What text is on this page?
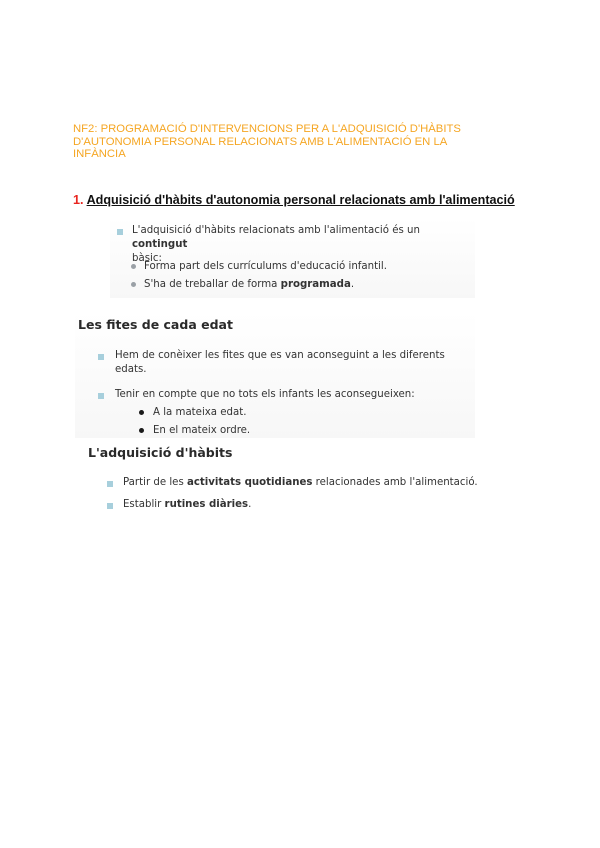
NF2: PROGRAMACIÓ D'INTERVENCIONS PER A L'ADQUISICIÓ D'HÀBITS
D'AUTONOMIA PERSONAL RELACIONATS AMB L'ALIMENTACIÓ EN LA
INFÀNCIA
1. Adquisició d'hàbits d'autonomia personal relacionats amb l'alimentació
L'adquisició d'hàbits relacionats amb l'alimentació és un contingut
bàsic:
Forma part dels currículums d'educació infantil.
S'ha de treballar de forma programada.
Les fites de cada edat
Hem de conèixer les fites que es van aconseguint a les diferents
edats.
Tenir en compte que no tots els infants les aconsegueixen:
A la mateixa edat.
En el mateix ordre.
L'adquisició d'hàbits
Partir de les activitats quotidianes relacionades amb l'alimentació.
Establir rutines diàries.
